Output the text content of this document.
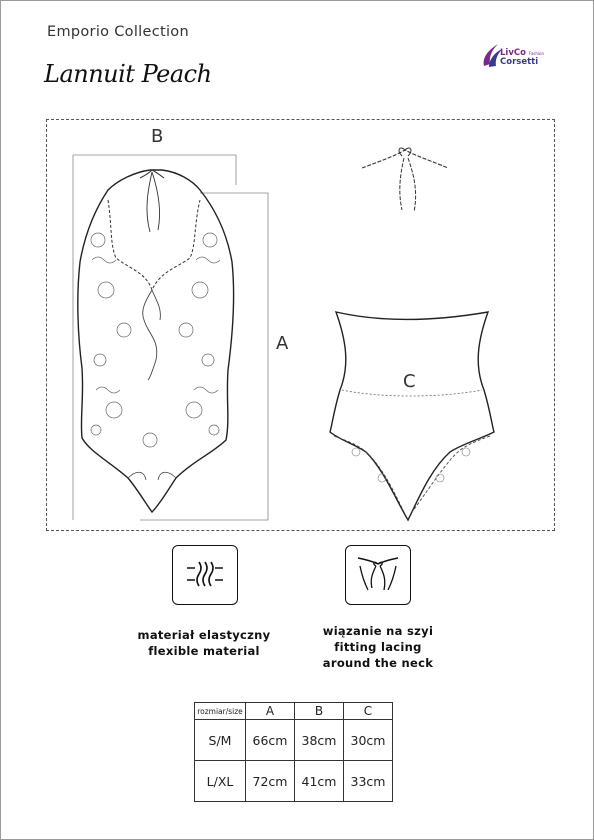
Emporio Collection
Lannuit Peach
LivCo Fashion
Corsetti
B
A
C
materiał elastyczny
flexible material
wiązanie na szyi
fitting lacing
around the neck
rozmiar/size	A	B	C
S/M	66cm	38cm	30cm
L/XL	72cm	41cm	33cm
